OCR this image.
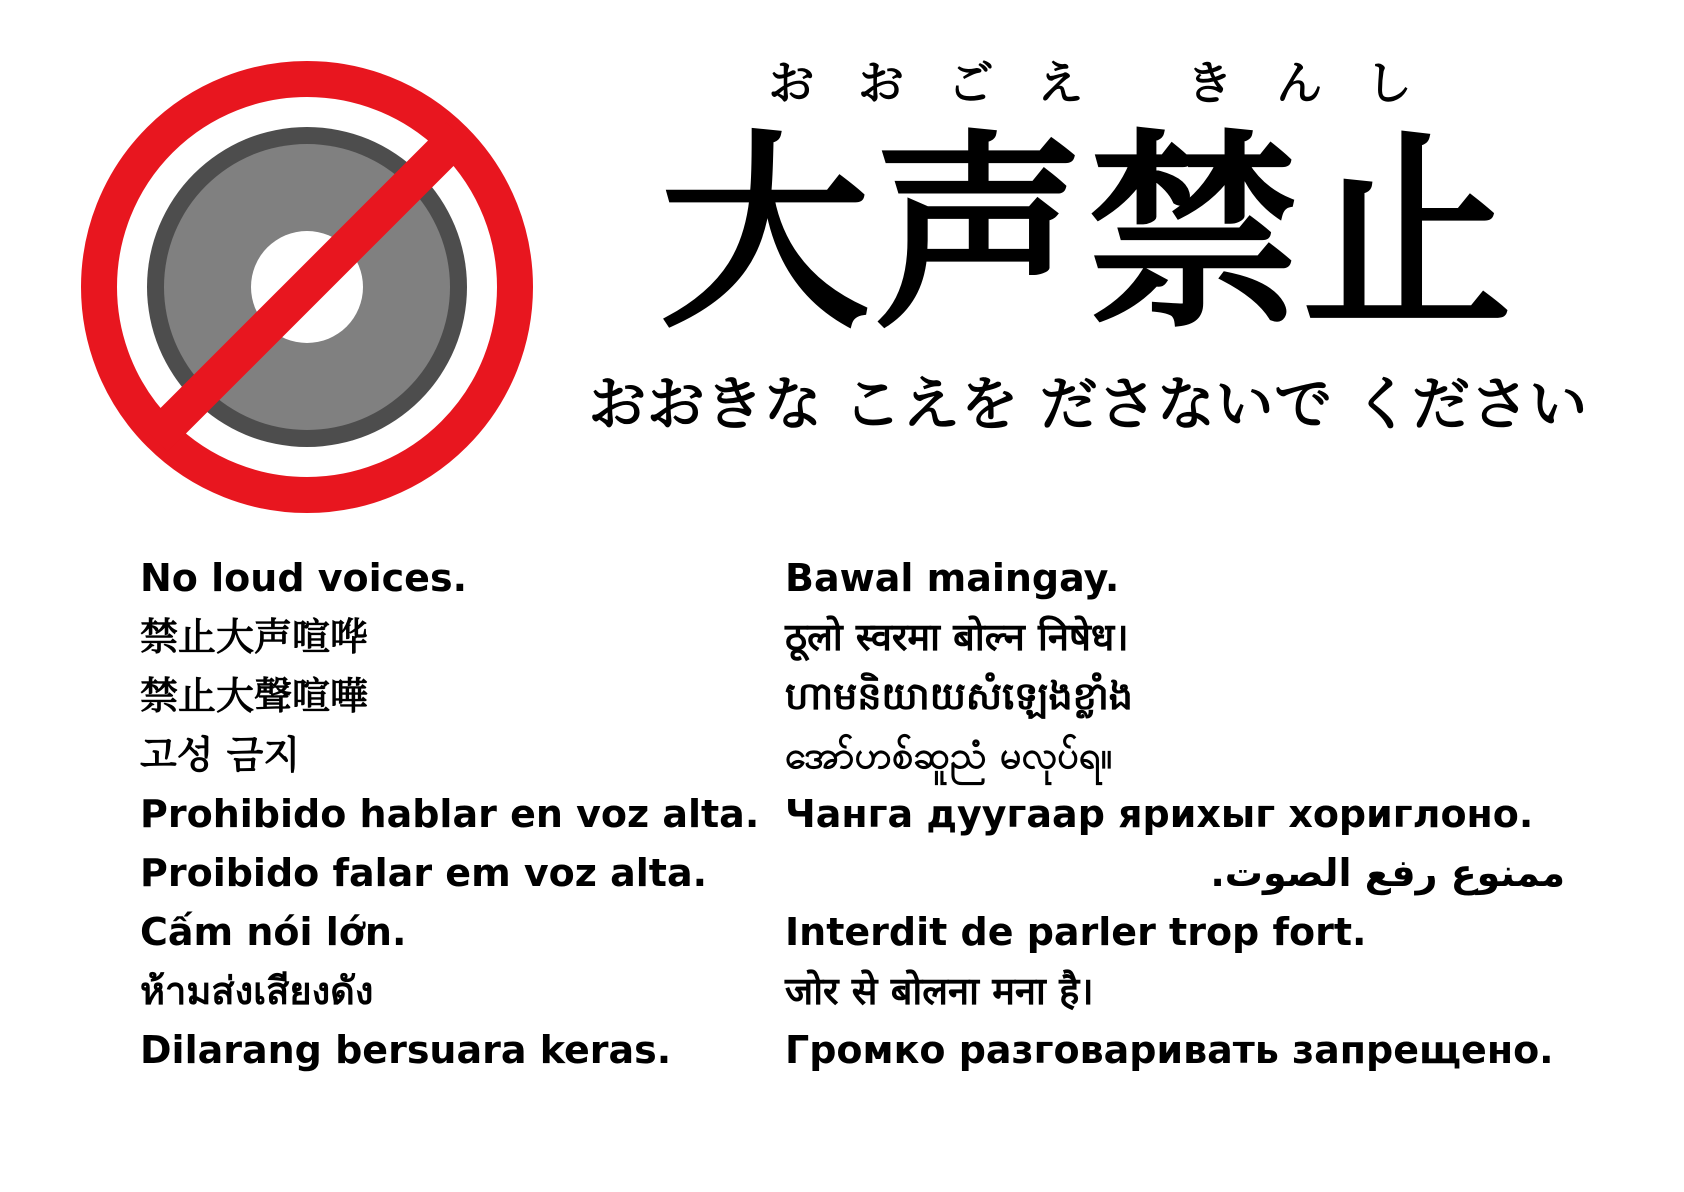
お お ご え　 き ん し
大声禁止
おおきな こえを ださないで ください
No loud voices.
禁止大声喧哗
禁止大聲喧嘩
고성 금지
Prohibido hablar en voz alta.
Proibido falar em voz alta.
Cấm nói lớn.
ห้ามส่งเสียงดัง
Dilarang bersuara keras.
Bawal maingay.
ठूलो स्वरमा बोल्न निषेध।
ហាមនិយាយសំឡេងខ្លាំង
အော်ဟစ်ဆူညံ မလုပ်ရ။
Чанга дуугаар ярихыг хориглоно.
ممنوع رفع الصوت.
Interdit de parler trop fort.
जोर से बोलना मना है।
Громко разговаривать запрещено.
